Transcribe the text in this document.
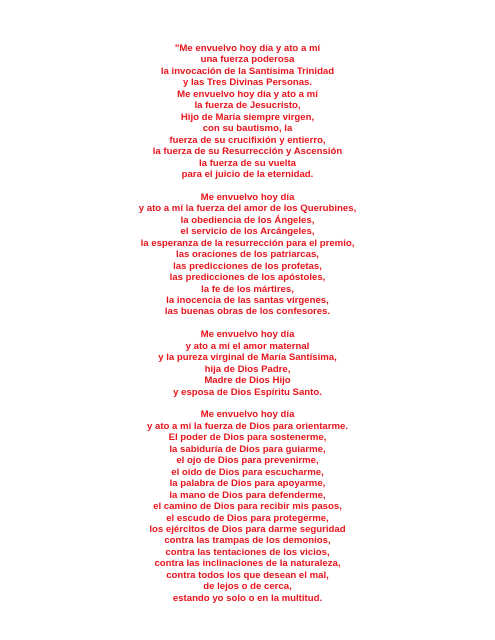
"Me envuelvo hoy día y ato a mí
una fuerza poderosa
la invocación de la Santísima Trinidad
y las Tres Divinas Personas.
Me envuelvo hoy día y ato a mí
la fuerza de Jesucristo,
Hijo de María siempre virgen,
con su bautismo, la
fuerza de su crucifixión y entierro,
la fuerza de su Resurrección y Ascensión
la fuerza de su vuelta
para el juicio de la eternidad.
Me envuelvo hoy día
y ato a mí la fuerza del amor de los Querubines,
la obediencia de los Ángeles,
el servicio de los Arcángeles,
la esperanza de la resurrección para el premio,
las oraciones de los patriarcas,
las predicciones de los profetas,
las predicciones de los apóstoles,
la fe de los mártires,
la inocencia de las santas vírgenes,
las buenas obras de los confesores.
Me envuelvo hoy día
y ato a mí el amor maternal
y la pureza virginal de María Santísima,
hija de Dios Padre,
Madre de Dios Hijo
y esposa de Dios Espíritu Santo.
Me envuelvo hoy día
y ato a mí la fuerza de Dios para orientarme.
El poder de Dios para sostenerme,
la sabiduría de Dios para guiarme,
el ojo de Dios para prevenirme,
el oído de Dios para escucharme,
la palabra de Dios para apoyarme,
la mano de Dios para defenderme,
el camino de Dios para recibir mis pasos,
el escudo de Dios para protegerme,
los ejércitos de Dios para darme seguridad
contra las trampas de los demonios,
contra las tentaciones de los vicios,
contra las inclinaciones de la naturaleza,
contra todos los que desean el mal,
de lejos o de cerca,
estando yo solo o en la multitud.
